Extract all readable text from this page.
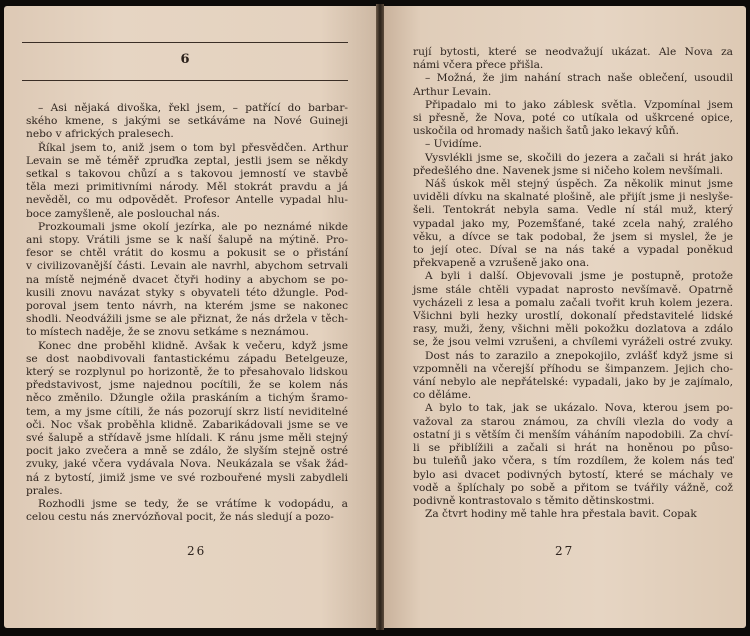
6
– Asi nějaká divoška, řekl jsem, – patřící do barbar-
ského kmene, s jakými se setkáváme na Nové Guineji
nebo v afrických pralesech.
Říkal jsem to, aniž jsem o tom byl přesvědčen. Arthur
Levain se mě téměř zpruďka zeptal, jestli jsem se někdy
setkal s takovou chůzí a s takovou jemností ve stavbě
těla mezi primitivními národy. Měl stokrát pravdu a já
nevěděl, co mu odpovědět. Profesor Antelle vypadal hlu-
boce zamyšleně, ale poslouchal nás.
Prozkoumali jsme okolí jezírka, ale po neznámé nikde
ani stopy. Vrátili jsme se k naší šalupě na mýtině. Pro-
fesor se chtěl vrátit do kosmu a pokusit se o přistání
v civilizovanější části. Levain ale navrhl, abychom setrvali
na místě nejméně dvacet čtyři hodiny a abychom se po-
kusili znovu navázat styky s obyvateli této džungle. Pod-
poroval jsem tento návrh, na kterém jsme se nakonec
shodli. Neodvážili jsme se ale přiznat, že nás držela v těch-
to místech naděje, že se znovu setkáme s neznámou.
Konec dne proběhl klidně. Avšak k večeru, když jsme
se dost naobdivovali fantastickému západu Betelgeuze,
který se rozplynul po horizontě, že to přesahovalo lidskou
představivost, jsme najednou pocítili, že se kolem nás
něco změnilo. Džungle ožila praskáním a tichým šramo-
tem, a my jsme cítili, že nás pozorují skrz listí neviditelné
oči. Noc však proběhla klidně. Zabarikádovali jsme se ve
své šalupě a střídavě jsme hlídali. K ránu jsme měli stejný
pocit jako zvečera a mně se zdálo, že slyším stejně ostré
zvuky, jaké včera vydávala Nova. Neukázala se však žád-
ná z bytostí, jimiž jsme ve své rozbouřené mysli zabydleli
prales.
Rozhodli jsme se tedy, že se vrátíme k vodopádu, a
celou cestu nás znervózňoval pocit, že nás sledují a pozo-
26
rují bytosti, které se neodvažují ukázat. Ale Nova za
námi včera přece přišla.
– Možná, že jim nahání strach naše oblečení, usoudil
Arthur Levain.
Připadalo mi to jako záblesk světla. Vzpomínal jsem
si přesně, že Nova, poté co utíkala od uškrcené opice,
uskočila od hromady našich šatů jako lekavý kůň.
– Uvidíme.
Vysvlékli jsme se, skočili do jezera a začali si hrát jako
předešlého dne. Navenek jsme si ničeho kolem nevšímali.
Náš úskok měl stejný úspěch. Za několik minut jsme
uviděli dívku na skalnaté plošině, ale přijít jsme ji neslyše-
šeli. Tentokrát nebyla sama. Vedle ní stál muž, který
vypadal jako my, Pozemšťané, také zcela nahý, zralého
věku, a dívce se tak podobal, že jsem si myslel, že je
to její otec. Díval se na nás také a vypadal poněkud
překvapeně a vzrušeně jako ona.
A byli i další. Objevovali jsme je postupně, protože
jsme stále chtěli vypadat naprosto nevšímavě. Opatrně
vycházeli z lesa a pomalu začali tvořit kruh kolem jezera.
Všichni byli hezky urostlí, dokonalí představitelé lidské
rasy, muži, ženy, všichni měli pokožku dozlatova a zdálo
se, že jsou velmi vzrušeni, a chvílemi vyráželi ostré zvuky.
Dost nás to zarazilo a znepokojilo, zvlášť když jsme si
vzpomněli na včerejší příhodu se šimpanzem. Jejich cho-
vání nebylo ale nepřátelské: vypadali, jako by je zajímalo,
co děláme.
A bylo to tak, jak se ukázalo. Nova, kterou jsem po-
važoval za starou známou, za chvíli vlezla do vody a
ostatní ji s větším či menším váháním napodobili. Za chví-
li se přiblížili a začali si hrát na honěnou po půso-
bu tuleňů jako včera, s tím rozdílem, že kolem nás teď
bylo asi dvacet podivných bytostí, které se máchaly ve
vodě a šplíchaly po sobě a přitom se tvářily vážně, což
podivně kontrastovalo s těmito dětinskostmi.
Za čtvrt hodiny mě tahle hra přestala bavit. Copak
27
